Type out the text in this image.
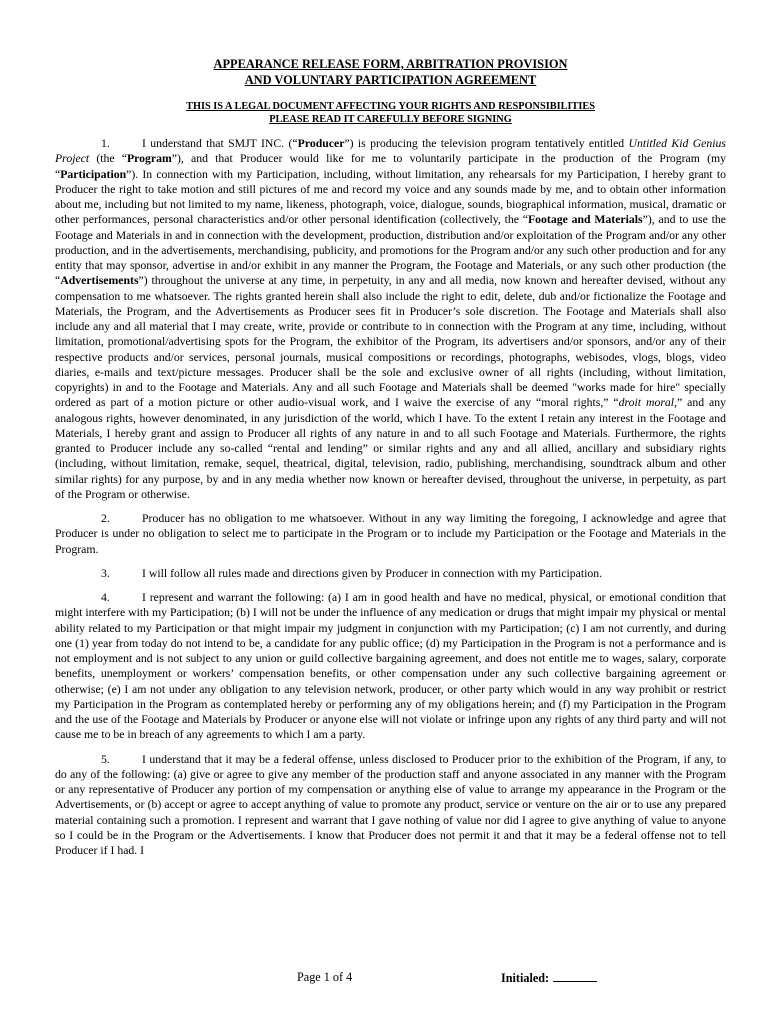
APPEARANCE RELEASE FORM, ARBITRATION PROVISION
AND VOLUNTARY PARTICIPATION AGREEMENT
THIS IS A LEGAL DOCUMENT AFFECTING YOUR RIGHTS AND RESPONSIBILITIES
PLEASE READ IT CAREFULLY BEFORE SIGNING
1.	I understand that SMJT INC. (“Producer”) is producing the television program tentatively entitled Untitled Kid Genius Project (the “Program”), and that Producer would like for me to voluntarily participate in the production of the Program (my “Participation”). In connection with my Participation, including, without limitation, any rehearsals for my Participation, I hereby grant to Producer the right to take motion and still pictures of me and record my voice and any sounds made by me, and to obtain other information about me, including but not limited to my name, likeness, photograph, voice, dialogue, sounds, biographical information, musical, dramatic or other performances, personal characteristics and/or other personal identification (collectively, the “Footage and Materials”), and to use the Footage and Materials in and in connection with the development, production, distribution and/or exploitation of the Program and/or any other production, and in the advertisements, merchandising, publicity, and promotions for the Program and/or any such other production and for any entity that may sponsor, advertise in and/or exhibit in any manner the Program, the Footage and Materials, or any such other production (the “Advertisements”) throughout the universe at any time, in perpetuity, in any and all media, now known and hereafter devised, without any compensation to me whatsoever. The rights granted herein shall also include the right to edit, delete, dub and/or fictionalize the Footage and Materials, the Program, and the Advertisements as Producer sees fit in Producer’s sole discretion. The Footage and Materials shall also include any and all material that I may create, write, provide or contribute to in connection with the Program at any time, including, without limitation, promotional/advertising spots for the Program, the exhibitor of the Program, its advertisers and/or sponsors, and/or any of their respective products and/or services, personal journals, musical compositions or recordings, photographs, webisodes, vlogs, blogs, video diaries, e-mails and text/picture messages. Producer shall be the sole and exclusive owner of all rights (including, without limitation, copyrights) in and to the Footage and Materials. Any and all such Footage and Materials shall be deemed "works made for hire" specially ordered as part of a motion picture or other audio-visual work, and I waive the exercise of any “moral rights,” “droit moral,” and any analogous rights, however denominated, in any jurisdiction of the world, which I have. To the extent I retain any interest in the Footage and Materials, I hereby grant and assign to Producer all rights of any nature in and to all such Footage and Materials. Furthermore, the rights granted to Producer include any so-called “rental and lending” or similar rights and any and all allied, ancillary and subsidiary rights (including, without limitation, remake, sequel, theatrical, digital, television, radio, publishing, merchandising, soundtrack album and other similar rights) for any purpose, by and in any media whether now known or hereafter devised, throughout the universe, in perpetuity, as part of the Program or otherwise.
2.	Producer has no obligation to me whatsoever. Without in any way limiting the foregoing, I acknowledge and agree that Producer is under no obligation to select me to participate in the Program or to include my Participation or the Footage and Materials in the Program.
3.	I will follow all rules made and directions given by Producer in connection with my Participation.
4.	I represent and warrant the following: (a) I am in good health and have no medical, physical, or emotional condition that might interfere with my Participation; (b) I will not be under the influence of any medication or drugs that might impair my physical or mental ability related to my Participation or that might impair my judgment in conjunction with my Participation; (c) I am not currently, and during one (1) year from today do not intend to be, a candidate for any public office; (d) my Participation in the Program is not a performance and is not employment and is not subject to any union or guild collective bargaining agreement, and does not entitle me to wages, salary, corporate benefits, unemployment or workers’ compensation benefits, or other compensation under any such collective bargaining agreement or otherwise; (e) I am not under any obligation to any television network, producer, or other party which would in any way prohibit or restrict my Participation in the Program as contemplated hereby or performing any of my obligations herein; and (f) my Participation in the Program and the use of the Footage and Materials by Producer or anyone else will not violate or infringe upon any rights of any third party and will not cause me to be in breach of any agreements to which I am a party.
5.	I understand that it may be a federal offense, unless disclosed to Producer prior to the exhibition of the Program, if any, to do any of the following: (a) give or agree to give any member of the production staff and anyone associated in any manner with the Program or any representative of Producer any portion of my compensation or anything else of value to arrange my appearance in the Program or the Advertisements, or (b) accept or agree to accept anything of value to promote any product, service or venture on the air or to use any prepared material containing such a promotion. I represent and warrant that I gave nothing of value nor did I agree to give anything of value to anyone so I could be in the Program or the Advertisements. I know that Producer does not permit it and that it may be a federal offense not to tell Producer if I had. I
Page 1 of 4	Initialed:
